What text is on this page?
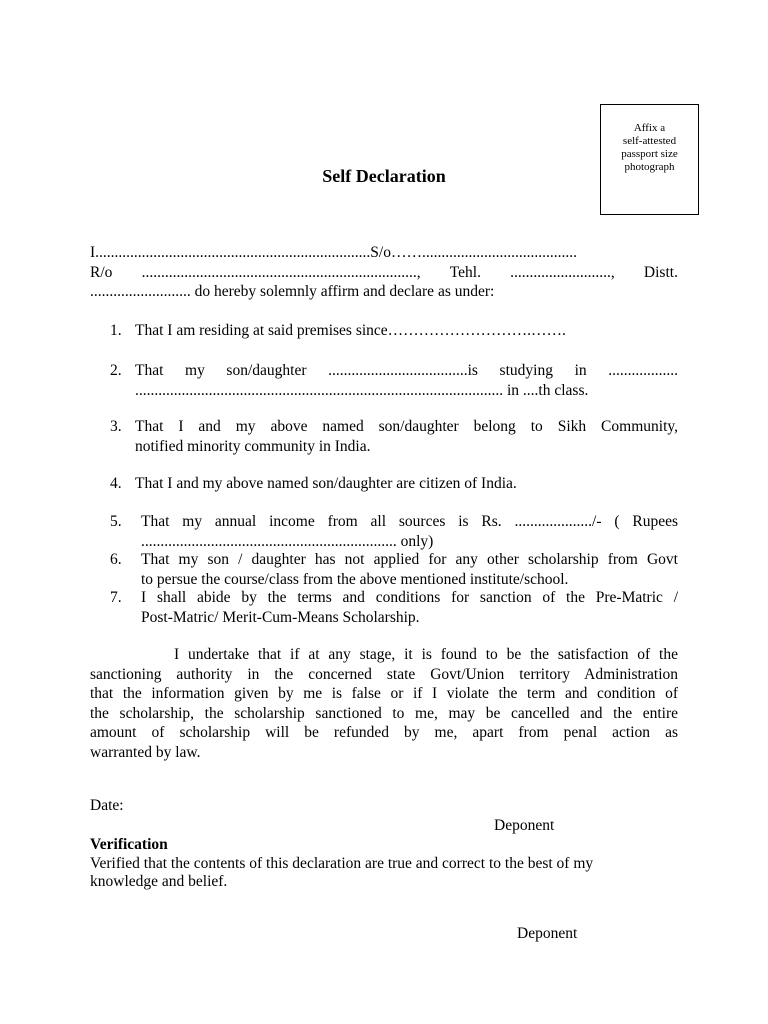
Affix a
self-attested
passport size
photograph
Self Declaration
I.......................................................................S/o……........................................
R/o ......................................................................., Tehl. .........................., Distt.
.......................... do hereby solemnly affirm and declare as under:
1. That I am residing at said premises since……………………….…….
2. That my son/daughter ....................................is studying in ..................
............................................................................................... in ....th class.
3. That I and my above named son/daughter belong to Sikh Community,
notified minority community in India.
4. That I and my above named son/daughter are citizen of India.
5. That my annual income from all sources is Rs. ..................../- ( Rupees
.................................................................. only)
6. That my son / daughter has not applied for any other scholarship from Govt
to persue the course/class from the above mentioned institute/school.
7. I shall abide by the terms and conditions for sanction of the Pre-Matric /
Post-Matric/ Merit-Cum-Means Scholarship.
I undertake that if at any stage, it is found to be the satisfaction of the
sanctioning authority in the concerned state Govt/Union territory Administration
that the information given by me is false or if I violate the term and condition of
the scholarship, the scholarship sanctioned to me, may be cancelled and the entire
amount of scholarship will be refunded by me, apart from penal action as
warranted by law.
Date:
Deponent
Verification
Verified that the contents of this declaration are true and correct to the best of my
knowledge and belief.
Deponent
